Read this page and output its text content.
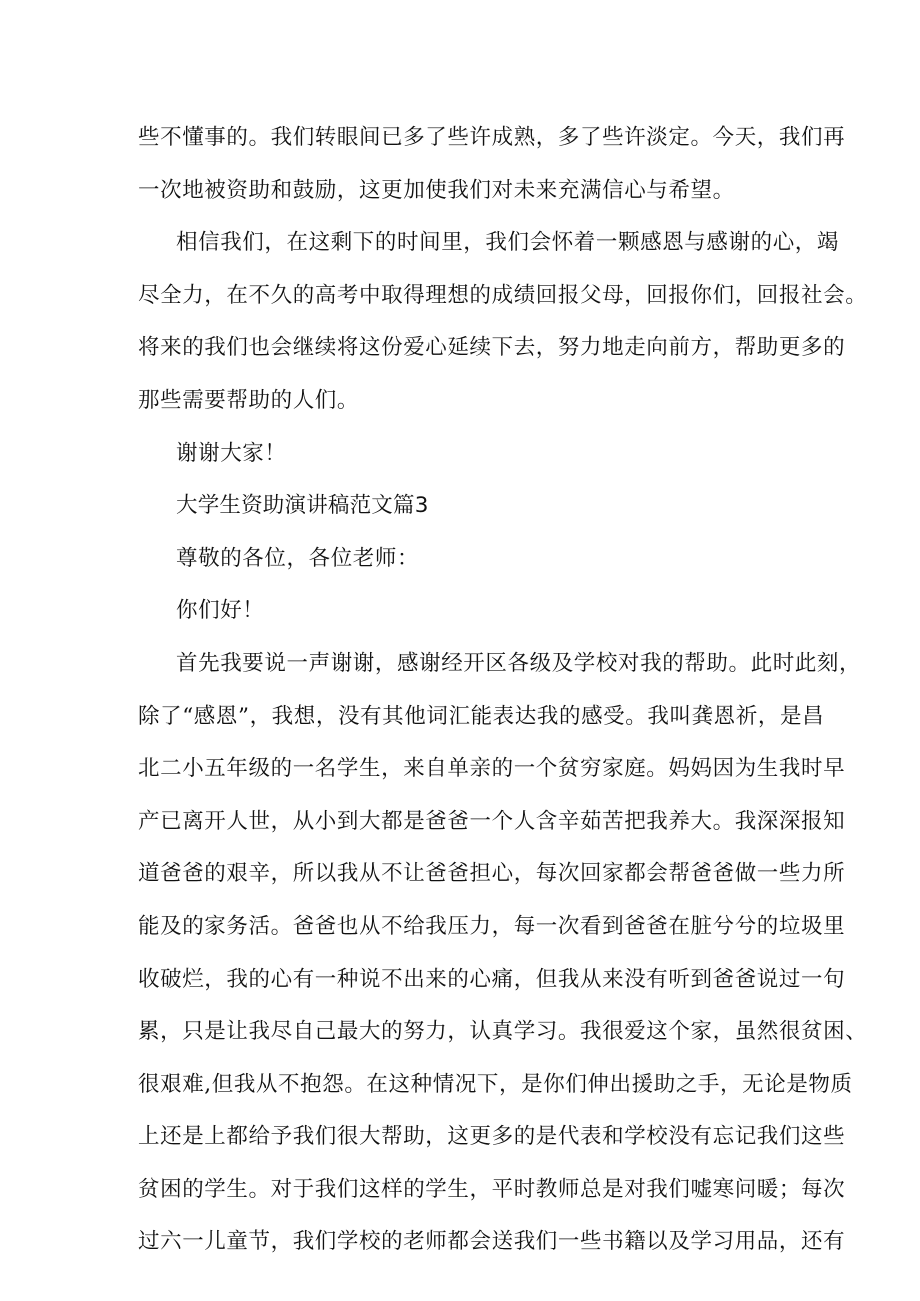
些不懂事的。我们转眼间已多了些许成熟，多了些许淡定。今天，我们再
一次地被资助和鼓励，这更加使我们对未来充满信心与希望。
相信我们，在这剩下的时间里，我们会怀着一颗感恩与感谢的心，竭
尽全力，在不久的高考中取得理想的成绩回报父母，回报你们，回报社会。
将来的我们也会继续将这份爱心延续下去，努力地走向前方，帮助更多的
那些需要帮助的人们。
谢谢大家！
大学生资助演讲稿范文篇3
尊敬的各位，各位老师：
你们好！
首先我要说一声谢谢，感谢经开区各级及学校对我的帮助。此时此刻，
除了“感恩”，我想，没有其他词汇能表达我的感受。我叫龚恩祈，是昌
北二小五年级的一名学生，来自单亲的一个贫穷家庭。妈妈因为生我时早
产已离开人世，从小到大都是爸爸一个人含辛茹苦把我养大。我深深报知
道爸爸的艰辛，所以我从不让爸爸担心，每次回家都会帮爸爸做一些力所
能及的家务活。爸爸也从不给我压力，每一次看到爸爸在脏兮兮的垃圾里
收破烂，我的心有一种说不出来的心痛，但我从来没有听到爸爸说过一句
累，只是让我尽自己最大的努力，认真学习。我很爱这个家，虽然很贫困、
很艰难,但我从不抱怨。在这种情况下，是你们伸出援助之手，无论是物质
上还是上都给予我们很大帮助，这更多的是代表和学校没有忘记我们这些
贫困的学生。对于我们这样的学生，平时教师总是对我们嘘寒问暖；每次
过六一儿童节，我们学校的老师都会送我们一些书籍以及学习用品，还有
